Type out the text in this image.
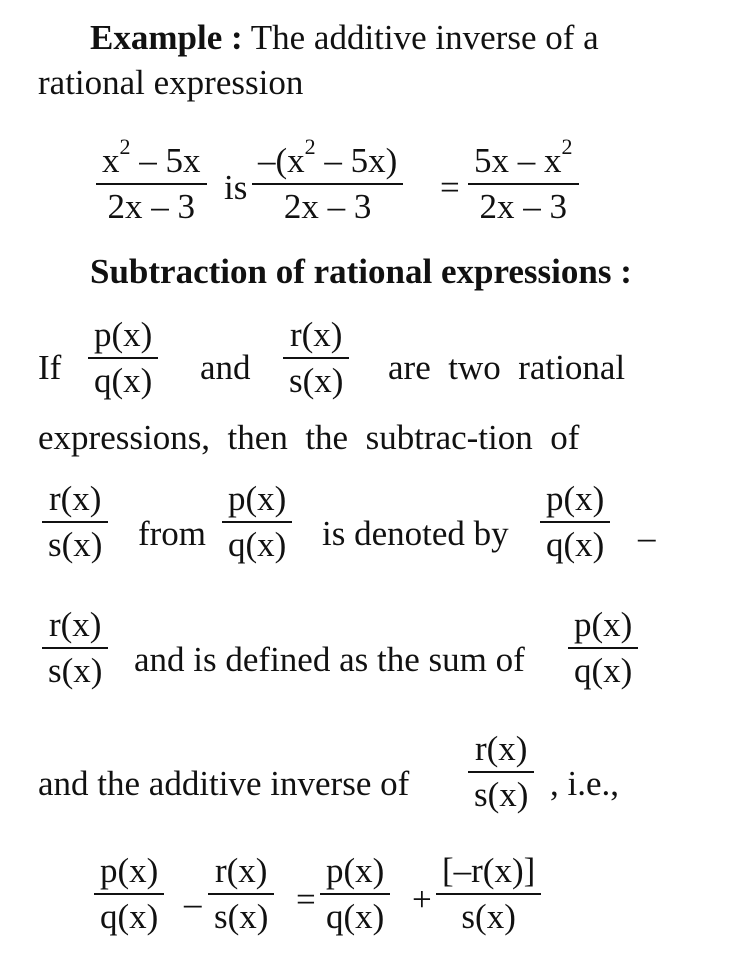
Example : The additive inverse of a
rational expression
$x^2 - 5x$
2x – 3 is
$-(x^2 - 5x)$
2x – 3 =
$5x - x^2$
2x – 3
Subtraction of rational expressions :
If
p(x)
q(x) and
r(x)
s(x) are  two  rational
expressions,  then  the  subtrac-tion  of
r(x)
s(x) from
p(x)
q(x) is denoted by
p(x)
q(x) –
r(x)
s(x) and is defined as the sum of
p(x)
q(x)
and the additive inverse of
r(x)
s(x) , i.e.,
p(x)
q(x) –
r(x)
s(x) =
p(x)
q(x) +
[–r(x)]
s(x)
